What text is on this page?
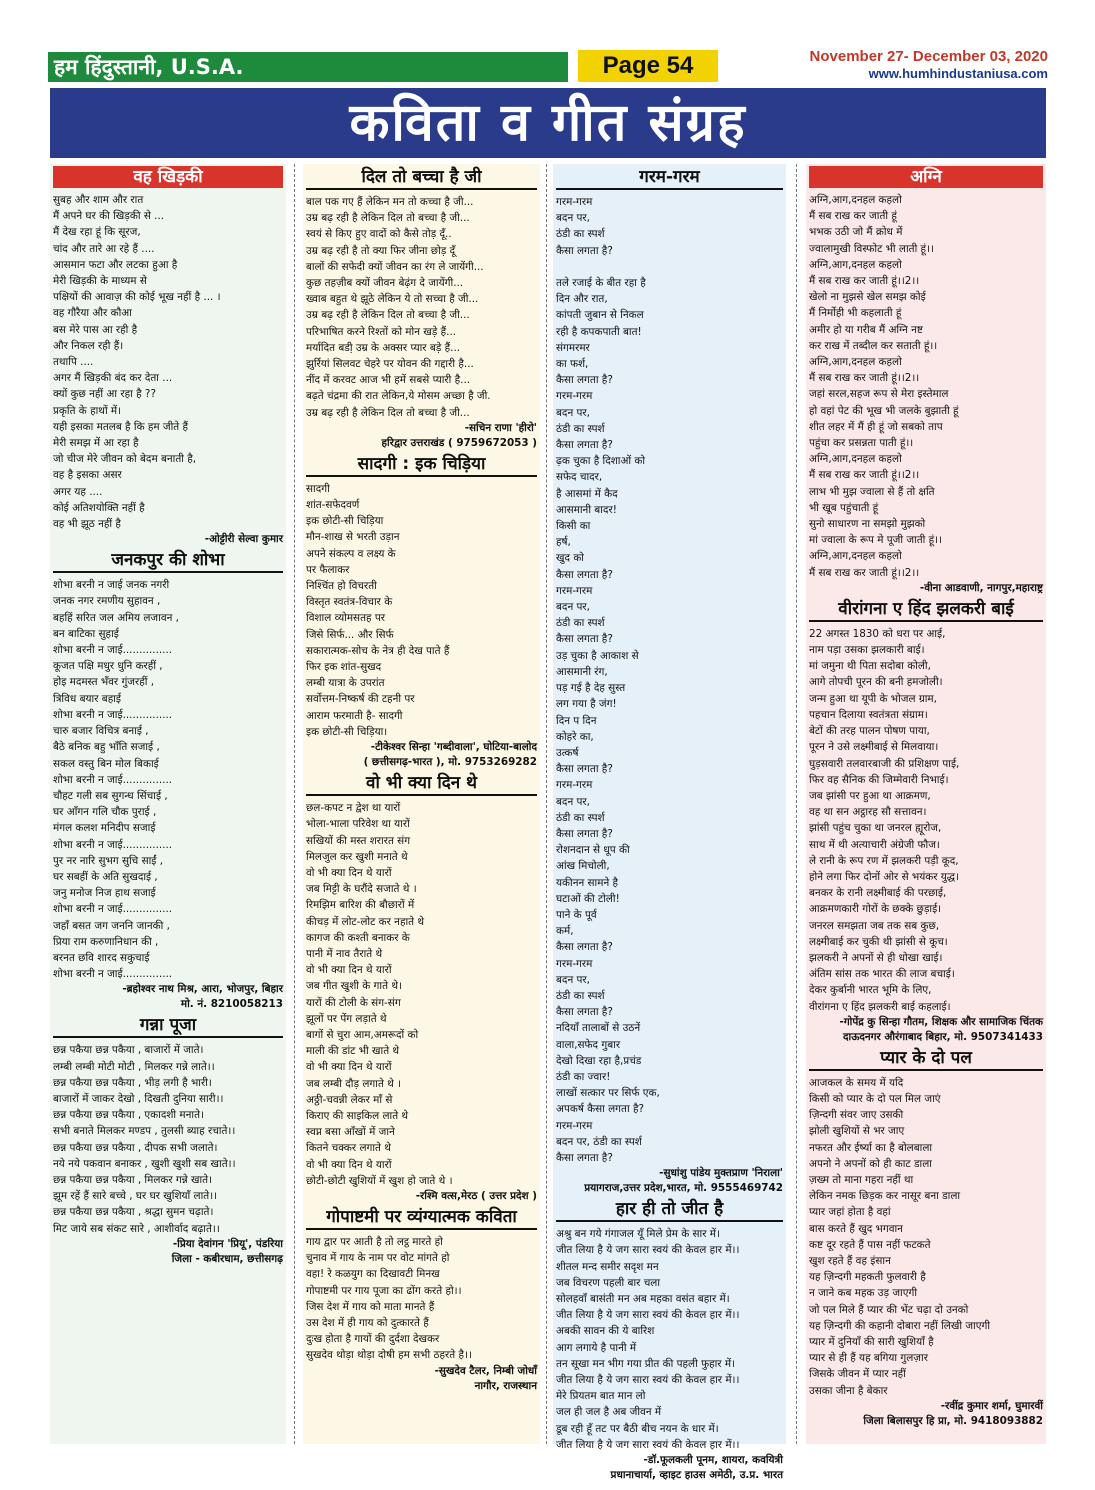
हम हिंदुस्तानी, U.S.A.	Page 54	November 27- December 03, 2020
www.humhindustaniusa.com
कविता व गीत संग्रह
वह खिड़की
सुबह और शाम और रात
मैं अपने घर की खिड़की से ...
मैं देख रहा हूं कि सूरज,
चांद और तारे आ रहे हैं ....
आसमान फटा और लटका हुआ है
मेरी खिड़की के माध्यम से
पक्षियों की आवाज़ की कोई भूख नहीं है ... ।
वह गौरैया और कौआ
बस मेरे पास आ रही है
और निकल रही हैं।
तथापि ....
अगर मैं खिड़की बंद कर देता ...
क्यों कुछ नहीं आ रहा है ??
प्रकृति के हाथों में।
यही इसका मतलब है कि हम जीते हैं
मेरी समझ में आ रहा है
जो चीज मेरे जीवन को बेदम बनाती है,
वह है इसका असर
अगर यह ....
कोई अतिशयोक्ति नहीं है
वह भी झूठ नहीं है
-ओट्टीरी सेल्वा कुमार
जनकपुर की शोभा
शोभा बरनी न जाई जनक नगरी
जनक नगर रमणीय सुहावन ,
बहहिं सरित जल अमिय लजावन ,
बन बाटिका सुहाई
शोभा बरनी न जाई...............
कूजत पक्षि मधुर धुनि करहीं ,
होइ मदमस्त भँवर गुंजरहीं ,
त्रिविध बयार बहाई
शोभा बरनी न जाई...............
चारु बजार विचित्र बनाई ,
बैठे बनिक बहु भाँति सजाई ,
सकल वस्तु बिन मोल बिकाई
शोभा बरनी न जाई...............
चौहट गली सब सुगन्ध सिंचाई ,
घर आँगन गलि चौक पुराई ,
मंगल कलश मनिदीप सजाई
शोभा बरनी न जाई...............
पुर नर नारि सुभग सुचि साईं ,
घर सबहीं के अति सुखदाई ,
जनु मनोज निज हाथ सजाई
शोभा बरनी न जाई...............
जहाँ बसत जग जननि जानकी ,
प्रिया राम करुणानिधान की ,
बरनत छवि शारद सकुचाई
शोभा बरनी न जाई...............
-ब्रहोश्वर नाथ मिश्र, आरा, भोजपुर, बिहार
मो. नं. 8210058213
गन्ना पूजा
छन्न पकैया छन्न पकैया , बाजारों में जाते।
लम्बी लम्बी मोटी मोटी , मिलकर गन्ने लाते।।
छन्न पकैया छन्न पकैया , भीड़ लगी है भारी।
बाजारों में जाकर देखो , दिखती दुनिया सारी।।
छन्न पकैया छन्न पकैया , एकादशी मनाते।
सभी बनाते मिलकर मण्डप , तुलसी ब्याह रचाते।।
छन्न पकैया छन्न पकैया , दीपक सभी जलाते।
नये नये पकवान बनाकर , खुशी खुशी सब खाते।।
छन्न पकैया छन्न पकैया , मिलकर गन्ने खाते।
झूम रहें हैं सारे बच्चे , घर घर खुशियाँ लाते।।
छन्न पकैया छन्न पकैया , श्रद्धा सुमन चढ़ाते।
मिट जाये सब संकट सारे , आशीर्वाद बढ़ाते।।
-प्रिया देवांगन 'प्रियू', पंडरिया
जिला - कबीरधाम, छत्तीसगढ़
दिल तो बच्चा है जी
बाल पक गए हैं लेकिन मन तो कच्चा है जी...
उम्र बढ़ रही है लेकिन दिल तो बच्चा है जी...
स्वयं से किए हुए वादों को कैसे तोड़ दूँ..
उम्र बढ़ रही है तो क्या फिर जीना छोड़ दूँ
बालों की सफेदी क्यों जीवन का रंग ले जायेंगी...
कुछ तहज़ीब क्यों जीवन बेढ़ंग दे जायेंगी...
ख्वाब बहुत थे झूठे लेकिन ये तो सच्चा है जी...
उम्र बढ़ रही है लेकिन दिल तो बच्चा है जी...
परिभाषित करने रिश्तों को मोन खड़े हैं...
मर्यादित बडी़ उम्र के अक्सर प्यार बड़े हैं...
झुर्रियां सिलवट चेहरे पर योवन की गद्दारी है...
नींद में करवट आज भी हमें सबसे प्यारी है...
बढ़ते चंद्रमा की रात लेकिन,ये मोसम अच्छा है जी.
उम्र बढ़ रही है लेकिन दिल तो बच्चा है जी...
-सचिन राणा 'हीरो'
हरिद्वार उत्तराखंड ( 9759672053 )
सादगी : इक चिड़िया
सादगी
शांत-सफेदवर्ण
इक छोटी-सी चिड़िया
मौन-शाख से भरती उड़ान
अपने संकल्प व लक्ष्य के
पर फैलाकर
निश्चिंत हो विचरती
विस्तृत स्वतंत्र-विचार के
विशाल व्योमसतह पर
जिसे सिर्फ... और सिर्फ
सकारात्मक-सोच के नेत्र ही देख पाते हैं
फिर इक शांत-सुखद
लम्बी यात्रा के उपरांत
सर्वोत्तम-निष्कर्ष की टहनी पर
आराम फरमाती है- सादगी
इक छोटी-सी चिड़िया।
-टीकेश्वर सिन्हा 'गब्दीवाला', घोटिया-बालोद
( छत्तीसगढ़-भारत ), मो. 9753269282
वो भी क्या दिन थे
छल-कपट न द्वेश था यारों
भोला-भाला परिवेश था यारों
सखियों की मस्त शरारत संग
मिलजुल कर खुशी मनाते थे
वो भी क्या दिन थे यारों
जब मिट्टी के घरौंदे सजाते थे ।
रिमझिम बारिश की बौछारों में
कीचड़ में लोट-लोट कर नहाते थे
कागज की कश्ती बनाकर के
पानी में नाव तैराते थे
वो भी क्या दिन थे यारों
जब गीत खुशी के गाते थे।
यारों की टोली के संग-संग
झूलों पर पेंग लड़ाते थे
बागों से चुरा आम,अमरूदों को
माली की डांट भी खाते थे
वो भी क्या दिन थे यारों
जब लम्बी दौड़ लगाते थे ।
अठ्ठी-चवन्नी लेकर माँ से
किराए की साइकिल लाते थे
स्वप्न बसा आँखों में जाने
कितने चक्कर लगाते थे
वो भी क्या दिन थे यारों
छोटी-छोटी खुशियों में खुश हो जाते थे ।
-रश्मि वत्स,मेरठ ( उत्तर प्रदेश )
गोपाष्टमी पर व्यंग्यात्मक कविता
गाय द्वार पर आती है तो लट्ठ मारते हो
चुनाव में गाय के नाम पर वोट मांगते हो
वहा! रे कळयुग का दिखावटी मिनख
गोपाष्टमी पर गाय पूजा का ढोंग करते हो।।
जिस देश में गाय को माता मानते हैं
उस देश में ही गाय को दुत्कारते हैं
दुःख होता है गायों की दुर्दशा देखकर
सुखदेव थोड़ा थोड़ा दोषी हम सभी ठहरते है।।
-सुखदेव टैलर, निम्बी जोधाँ
नागौर, राजस्थान
गरम-गरम
गरम-गरम
बदन पर,
ठंडी का स्पर्श
कैसा लगता है?

तले रजाई के बीत रहा है
दिन और रात,
कांपती जुबान से निकल
रही है कपकपाती बात!
संगमरमर
का फर्श,
कैसा लगता है?
गरम-गरम
बदन पर,
ठंडी का स्पर्श
कैसा लगता है?
ढ़क चुका है दिशाओं को
सफेद चादर,
है आसमां में कैद
आसमानी बादर!
किसी का
हर्ष,
खुद को
कैसा लगता है?
गरम-गरम
बदन पर,
ठंडी का स्पर्श
कैसा लगता है?
उड़ चुका है आकाश से
आसमानी रंग,
पड़ गई है देह सुस्त
लग गया है जंग!
दिन प दिन
कोहरे का,
उत्कर्ष
कैसा लगता है?
गरम-गरम
बदन पर,
ठंडी का स्पर्श
कैसा लगता है?
रोशनदान से धूप की
आंख मिचोली,
यकीनन सामने है
घटाओं की टोली!
पाने के पूर्व
कर्म,
कैसा लगता है?
गरम-गरम
बदन पर,
ठंडी का स्पर्श
कैसा लगता है?
नदियाँ तालाबों से उठनें
वाला,सफेद गुबार
देखो दिखा रहा है,प्रचंड
ठंडी का ज्वार!
लाखों सत्कार पर सिर्फ एक,
अपकर्ष कैसा लगता है?
गरम-गरम
बदन पर, ठंडी का स्पर्श
कैसा लगता है?
-सुधांशु पांडेय मुक्तप्राण 'निराला'
प्रयागराज,उत्तर प्रदेश,भारत, मो. 9555469742
हार ही तो जीत है
अश्रु बन गये गंगाजल यूँ मिले प्रेम के सार में।
जीत लिया है ये जग सारा स्वयं की केवल हार में।।
शीतल मन्द समीर सदृश मन
जब विचरण पहली बार चला
सोलहवाँ बासंती मन अब महका वसंत बहार में।
जीत लिया है ये जग सारा स्वयं की केवल हार में।।
अबकी सावन की ये बारिश
आग लगाये है पानी में
तन सूखा मन भीग गया प्रीत की पहली फुहार में।
जीत लिया है ये जग सारा स्वयं की केवल हार में।।
मेरे प्रियतम बात मान लो
जल ही जल है अब जीवन में
डूब रही हूँ तट पर बैठी बीच नयन के धार में।
जीत लिया है ये जग सारा स्वयं की केवल हार में।।
-डॉ.फूलकली पूनम, शायरा, कवयित्री
प्रधानाचार्या, व्हाइट हाउस अमेठी, उ.प्र. भारत
अग्नि
अग्नि,आग,दनहल कहलो
मैं सब राख कर जाती हूं
भभक उठी जो मैं क्रोध में
ज्वालामुखी विस्फोट भी लाती हूं।।
अग्नि,आग,दनहल कहलो
मैं सब राख कर जाती हूं।।2।।
खेलो ना मुझसे खेल समझ कोई
मैं निर्मोही भी कहलाती हूं
अमीर हो या गरीब मैं अग्नि नष्ट
कर राख में तब्दील कर सताती हूं।।
अग्नि,आग,दनहल कहलो
मैं सब राख कर जाती हूं।।2।।
जहां सरल,सहज रूप से मेरा इस्तेमाल
हो वहां पेट की भूख भी जलके बुझाती हूं
शीत लहर में मैं ही हूं जो सबको ताप
पहुंचा कर प्रसन्नता पाती हूं।।
अग्नि,आग,दनहल कहलो
मैं सब राख कर जाती हूं।।2।।
लाभ भी मुझ ज्वाला से हैं तो क्षति
भी खूब पहुंचाती हूं
सुनो साधारण ना समझो मुझको
मां ज्वाला के रूप मे पूजी जाती हूं।।
अग्नि,आग,दनहल कहलो
मैं सब राख कर जाती हूं।।2।।
-वीना आडवाणी, नागपुर,महाराष्ट्र
वीरांगना ए हिंद झलकरी बाई
22 अगस्त 1830 को धरा पर आई,
नाम पड़ा उसका झलकारी बाई।
मां जमुना थी पिता सदोबा कोली,
आगे तोपची पूरन की बनी हमजोली।
जन्म हुआ था यूपी के भोजल ग्राम,
पहचान दिलाया स्वतंत्रता संग्राम।
बेटों की तरह पालन पोषण पाया,
पूरन ने उसे लक्ष्मीबाई से मिलवाया।
घुड़सवारी तलवारबाजी की प्रशिक्षण पाई,
फिर वह सैनिक की जिम्मेवारी निभाई।
जब झांसी पर हुआ था आक्रमण,
वह था सन अट्ठारह सौ सत्तावन।
झांसी पहुंच चुका था जनरल ह्यूरोज,
साथ में थी अत्याचारी अंग्रेजी फौज।
ले रानी के रूप रण में झलकरी पड़ी कूद,
होने लगा फिर दोनों ओर से भयंकर युद्ध।
बनकर के रानी लक्ष्मीबाई की परछाई,
आक्रमणकारी गोरों के छक्के छुड़ाई।
जनरल समझता जब तक सब कुछ,
लक्ष्मीबाई कर चुकी थी झांसी से कूच।
झलकरी ने अपनों से ही धोखा खाई।
अंतिम सांस तक भारत की लाज बचाई।
देकर कुर्बानी भारत भूमि के लिए,
वीरांगना ए हिंद झलकरी बाई कहलाई।
-गोपेंद्र कु सिन्हा गौतम, शिक्षक और सामाजिक चिंतक
दाऊदनगर औरंगाबाद बिहार, मो. 9507341433
प्यार के दो पल
आजकल के समय में यदि
किसी को प्यार के दो पल मिल जाएं
ज़िन्दगी संवर जाए उसकी
झोली खुशियों से भर जाए
नफरत और ईर्ष्या का है बोलबाला
अपनो ने अपनों को ही काट डाला
ज़ख्म तो माना गहरा नहीं था
लेकिन नमक छिड़क कर नासूर बना डाला
प्यार जहां होता है वहां
बास करते हैं खुद भगवान
कष्ट दूर रहते हैं पास नहीं फटकते
खुश रहते हैं वह इंसान
यह ज़िन्दगी महकती फुलवारी है
न जाने कब महक उड़ जाएगी
जो पल मिले हैं प्यार की भेंट चढ़ा दो उनको
यह ज़िन्दगी की कहानी दोबारा नहीं लिखी जाएगी
प्यार में दुनियाँ की सारी खुशियाँ है
प्यार से ही हैं यह बगिया गुलज़ार
जिसके जीवन में प्यार नहीं
उसका जीना है बेकार
-रवींद्र कुमार शर्मा, घुमारवीं
जिला बिलासपुर हि प्रा, मो. 9418093882
